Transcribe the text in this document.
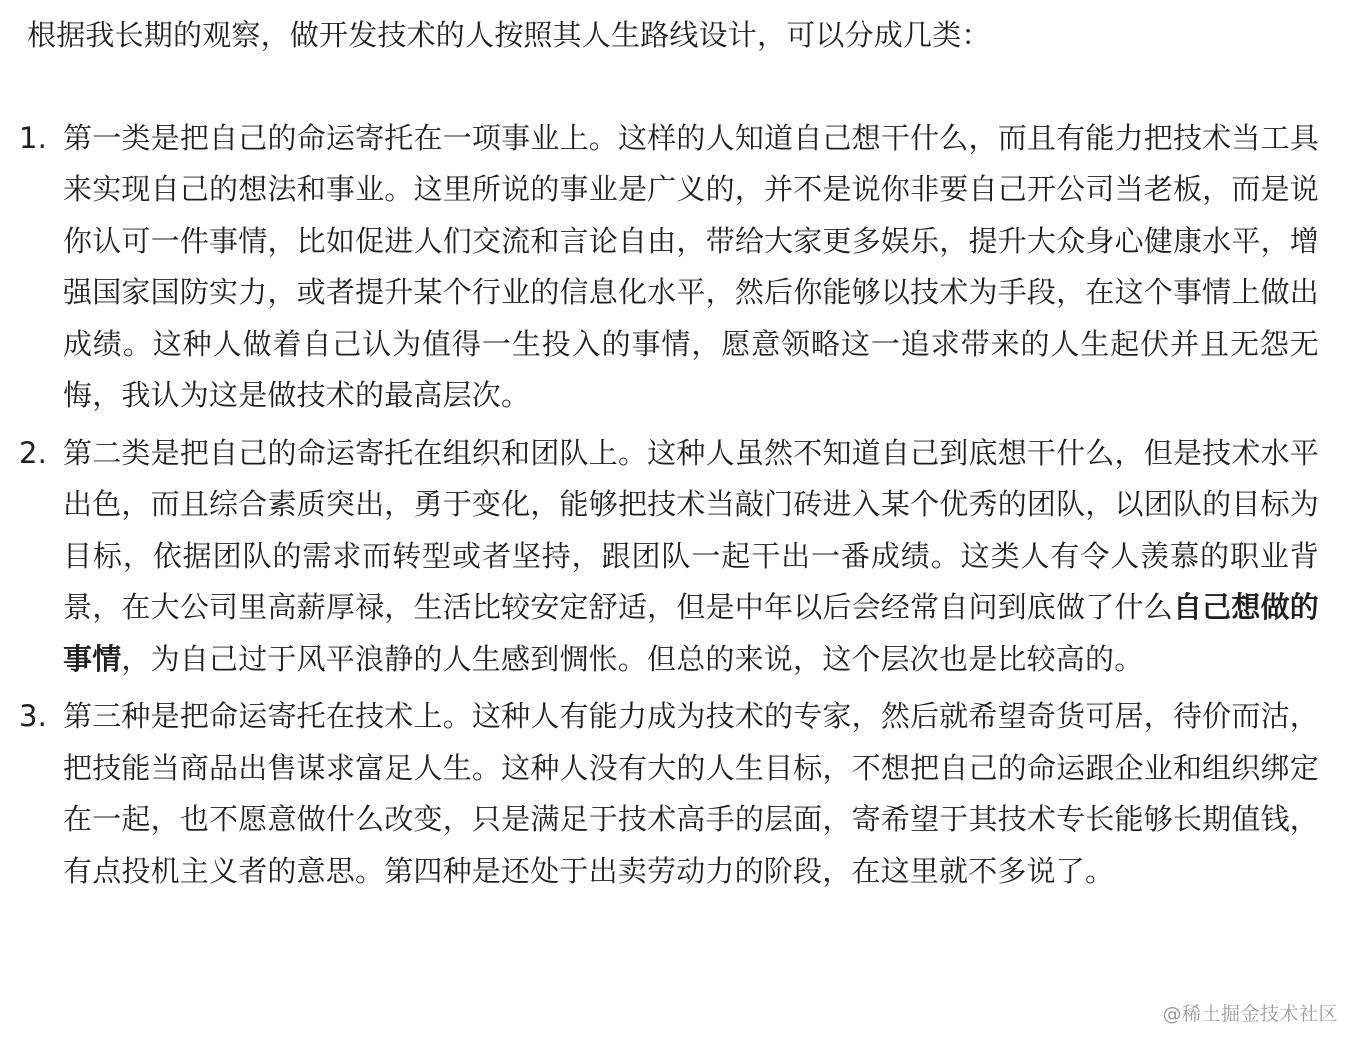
根据我长期的观察，做开发技术的人按照其人生路线设计，可以分成几类：

1. 第一类是把自己的命运寄托在一项事业上。这样的人知道自己想干什么，而且有能力把技术当工具来实现自己的想法和事业。这里所说的事业是广义的，并不是说你非要自己开公司当老板，而是说你认可一件事情，比如促进人们交流和言论自由，带给大家更多娱乐，提升大众身心健康水平，增强国家国防实力，或者提升某个行业的信息化水平，然后你能够以技术为手段，在这个事情上做出成绩。这种人做着自己认为值得一生投入的事情，愿意领略这一追求带来的人生起伏并且无怨无悔，我认为这是做技术的最高层次。
2. 第二类是把自己的命运寄托在组织和团队上。这种人虽然不知道自己到底想干什么，但是技术水平出色，而且综合素质突出，勇于变化，能够把技术当敲门砖进入某个优秀的团队，以团队的目标为目标，依据团队的需求而转型或者坚持，跟团队一起干出一番成绩。这类人有令人羡慕的职业背景，在大公司里高薪厚禄，生活比较安定舒适，但是中年以后会经常自问到底做了什么自己想做的事情，为自己过于风平浪静的人生感到惆怅。但总的来说，这个层次也是比较高的。
3. 第三种是把命运寄托在技术上。这种人有能力成为技术的专家，然后就希望奇货可居，待价而沽，把技能当商品出售谋求富足人生。这种人没有大的人生目标，不想把自己的命运跟企业和组织绑定在一起，也不愿意做什么改变，只是满足于技术高手的层面，寄希望于其技术专长能够长期值钱，有点投机主义者的意思。第四种是还处于出卖劳动力的阶段，在这里就不多说了。
@稀土掘金技术社区
